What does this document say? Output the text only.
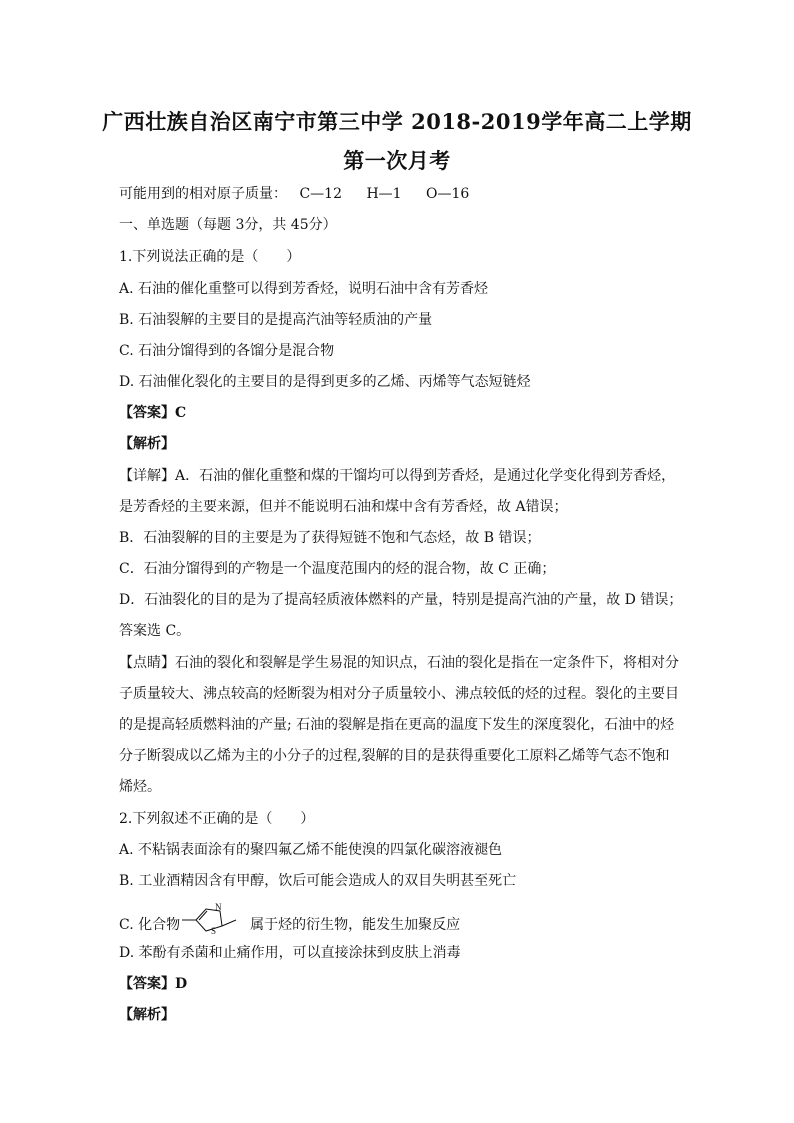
广西壮族自治区南宁市第三中学 2018-2019学年高二上学期
第一次月考
可能用到的相对原子质量： C—12 H—1 O—16
一、单选题（每题 3分，共 45分）
1.下列说法正确的是（　　）
A. 石油的催化重整可以得到芳香烃，说明石油中含有芳香烃
B. 石油裂解的主要目的是提高汽油等轻质油的产量
C. 石油分馏得到的各馏分是混合物
D. 石油催化裂化的主要目的是得到更多的乙烯、丙烯等气态短链烃
【答案】C
【解析】
【详解】A．石油的催化重整和煤的干馏均可以得到芳香烃，是通过化学变化得到芳香烃，
是芳香烃的主要来源，但并不能说明石油和煤中含有芳香烃，故 A错误；
B．石油裂解的目的主要是为了获得短链不饱和气态烃，故 B 错误；
C．石油分馏得到的产物是一个温度范围内的烃的混合物，故 C 正确；
D．石油裂化的目的是为了提高轻质液体燃料的产量，特别是提高汽油的产量，故 D 错误；
答案选 C。
【点睛】石油的裂化和裂解是学生易混的知识点，石油的裂化是指在一定条件下，将相对分
子质量较大、沸点较高的烃断裂为相对分子质量较小、沸点较低的烃的过程。裂化的主要目
的是提高轻质燃料油的产量; 石油的裂解是指在更高的温度下发生的深度裂化，石油中的烃
分子断裂成以乙烯为主的小分子的过程,裂解的目的是获得重要化工原料乙烯等气态不饱和
烯烃。
2.下列叙述不正确的是（　　）
A. 不粘锅表面涂有的聚四氟乙烯不能使溴的四氯化碳溶液褪色
B. 工业酒精因含有甲醇，饮后可能会造成人的双目失明甚至死亡
C. 化合物
N
S 属于烃的衍生物，能发生加聚反应
D. 苯酚有杀菌和止痛作用，可以直接涂抹到皮肤上消毒
【答案】D
【解析】
